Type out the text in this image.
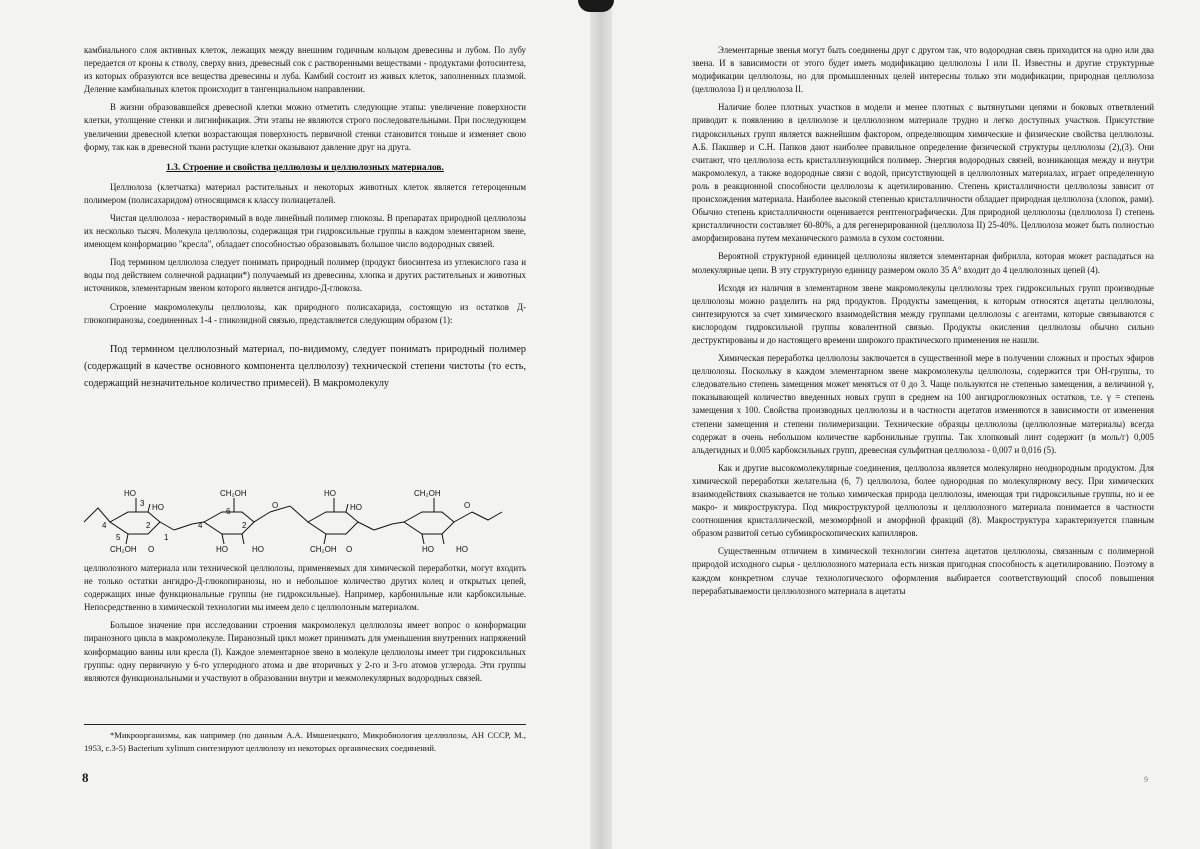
камбиального слоя активных клеток, лежащих между внешним годичным кольцом древесины и лубом. По лубу передается от кроны к стволу, сверху вниз, древесный сок с растворенными веществами - продуктами фотосинтеза, из которых образуются все вещества древесины и луба. Камбий состоит из живых клеток, заполненных плазмой. Деление камбиальных клеток происходит в тангенциальном направлении.

В жизни образовавшейся древесной клетки можно отметить следующие этапы: увеличение поверхности клетки, утолщение стенки и лигнификация. Эти этапы не являются строго последовательными. При последующем увеличении древесной клетки возрастающая поверхность первичной стенки становится тоньше и изменяет свою форму, так как в древесной ткани растущие клетки оказывают давление друг на друга.

1.3. Строение и свойства целлюлозы и целлюлозных материалов.

Целлюлоза (клетчатка) материал растительных и некоторых животных клеток является гетероценным полимером (полисахаридом) относящимся к классу полиацеталей.

Чистая целлюлоза - нерастворимый в воде линейный полимер глюкозы. В препаратах природной целлюлозы их несколько тысяч. Молекула целлюлозы, содержащая три гидроксильные группы в каждом элементарном звене, имеющем конформацию "кресла", обладает способностью образовывать большое число водородных связей.

Под термином целлюлоза следует понимать природный полимер (продукт биосинтеза из углекислого газа и воды под действием солнечной радиации*) получаемый из древесины, хлопка и других растительных и животных источников, элементарным звеном которого является ангидро-Д-глюкоза.

Строение макромолекулы целлюлозы, как природного полисахарида, состоящую из остатков Д-глюкопиранозы, соединенных 1-4 - гликозидной связью, представляется следующим образом (1):

Под термином целлюлозный материал, по-видимому, следует понимать природный полимер (содержащий в качестве основного компонента целлюлозу) технической степени чистоты (то есть, содержащий незначительное количество примесей). В макромолекулу

HO
3 HO
4	2
5	1
CH₂OH O
CH₂OH
6
4	2
O
HO	HO
HO
HO
CH₂OH O
CH₂OH
HO
O
HO

целлюлозного материала или технической целлюлозы, применяемых для химической переработки, могут входить не только остатки ангидро-Д-глюкопиранозы, но и небольшое количество других колец и открытых цепей, содержащих иные функциональные группы (не гидроксильные). Например, карбонильные или карбоксильные. Непосредственно в химической технологии мы имеем дело с целлюлозным материалом.

Большое значение при исследовании строения макромолекул целлюлозы имеет вопрос о конформации пиранозного цикла в макромолекуле. Пиранозный цикл может принимать для уменьшения внутренних напряжений конформацию ванны или кресла (I). Каждое элементарное звено в молекуле целлюлозы имеет три гидроксильных группы: одну первичную у 6-го углеродного атома и две вторичных у 2-го и 3-го атомов углерода. Эти группы являются функциональными и участвуют в образовании внутри и межмолекулярных водородных связей.

*Микроорганизмы, как например (по данным А.А. Имшенецкого, Микробиология целлюлозы, АН СССР, М., 1953, с.3-5) Bacterium xylinum синтезируют целлюлозу из некоторых органических соединений.
8

Элементарные звенья могут быть соединены друг с другом так, что водородная связь приходится на одно или два звена. И в зависимости от этого будет иметь модификацию целлюлозы I или II. Известны и другие структурные модификации целлюлозы, но для промышленных целей интересны только эти модификации, природная целлюлоза (целлюлоза I) и целлюлоза II.

Наличие более плотных участков в модели и менее плотных с вытянутыми цепями и боковых ответвлений приводит к появлению в целлюлозе и целлюлозном материале трудно и легко доступных участков. Присутствие гидроксильных групп является важнейшим фактором, определяющим химические и физические свойства целлюлозы. А.Б. Пакшвер и С.Н. Папков дают наиболее правильное определение физической структуры целлюлозы (2),(3). Они считают, что целлюлоза есть кристаллизующийся полимер. Энергия водородных связей, возникающая между и внутри макромолекул, а также водородные связи с водой, присутствующей в целлюлозных материалах, играет определенную роль в реакционной способности целлюлозы к ацетилированию. Степень кристалличности целлюлозы зависит от происхождения материала. Наиболее высокой степенью кристалличности обладает природная целлюлоза (хлопок, рами). Обычно степень кристалличности оценивается рентгенографически. Для природной целлюлозы (целлюлоза I) степень кристалличности составляет 60-80%, а для регенерированной (целлюлоза II) 25-40%. Целлюлоза может быть полностью аморфизирована путем механического размола в сухом состоянии.

Вероятной структурной единицей целлюлозы является элементарная фибрилла, которая может распадаться на молекулярные цепи. В эту структурную единицу размером около 35 А° входит до 4 целлюлозных цепей (4).

Исходя из наличия в элементарном звене макромолекулы целлюлозы трех гидроксильных групп производные целлюлозы можно разделить на ряд продуктов. Продукты замещения, к которым относятся ацетаты целлюлозы, синтезируются за счет химического взаимодействия между группами целлюлозы с агентами, которые связываются с кислородом гидроксильной группы ковалентной связью. Продукты окисления целлюлозы обычно сильно деструктированы и до настоящего времени широкого практического применения не нашли.

Химическая переработка целлюлозы заключается в существенной мере в получении сложных и простых эфиров целлюлозы. Поскольку в каждом элементарном звене макромолекулы целлюлозы, содержится три ОН-группы, то следовательно степень замещения может меняться от 0 до 3. Чаще пользуются не степенью замещения, а величиной γ, показывающей количество введенных новых групп в среднем на 100 ангидроглюкозных остатков, т.е. γ = степень замещения х 100. Свойства производных целлюлозы и в частности ацетатов изменяются в зависимости от изменения степени замещения и степени полимеризации. Технические образцы целлюлозы (целлюлозные материалы) всегда содержат в очень небольшом количестве карбонильные группы. Так хлопковый линт содержит (в моль/г) 0,005 альдегидных и 0.005 карбоксильных групп, древесная сульфитная целлюлоза - 0,007 и 0,016 (5).

Как и другие высокомолекулярные соединения, целлюлоза является молекулярно неоднородным продуктом. Для химической переработки желательна (6, 7) целлюлоза, более однородная по молекулярному весу. При химических взаимодействиях сказывается не только химическая природа целлюлозы, имеющая три гидроксильные группы, но и ее макро- и микроструктура. Под микроструктурой целлюлозы и целлюлозного материала понимается в частности соотношения кристаллической, мезоморфной и аморфной фракций (8). Макроструктура характеризуется главным образом развитой сетью субмикроскопических капилляров.

Существенным отличием в химической технологии синтеза ацетатов целлюлозы, связанным с полимерной природой исходного сырья - целлюлозного материала есть низкая пригодная способность к ацетилированию. Поэтому в каждом конкретном случае технологического оформления выбирается соответствующий способ повышения перерабатываемости целлюлозного материала в ацетаты

9
